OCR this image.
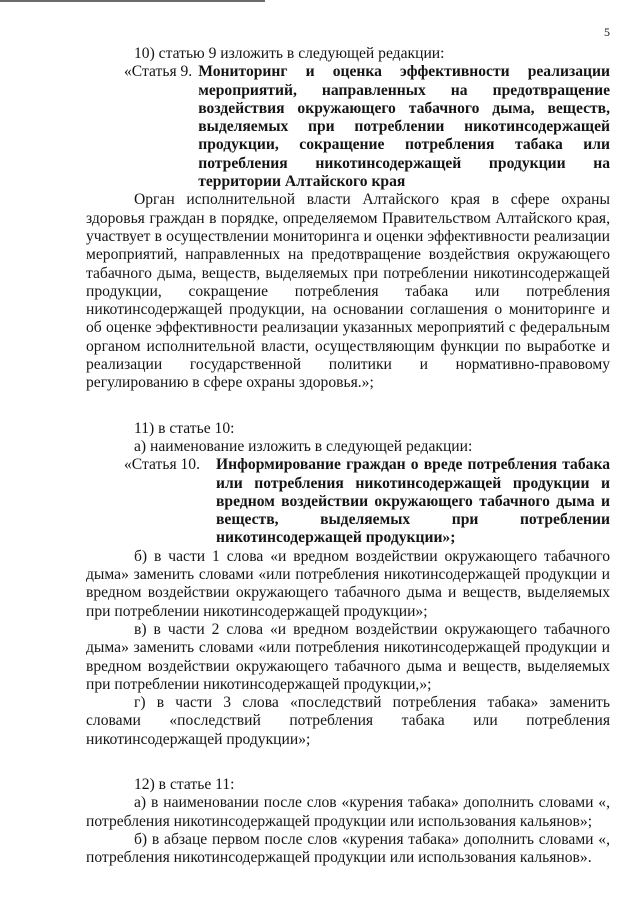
5

10) статью 9 изложить в следующей редакции:

«Статья 9. Мониторинг и оценка эффективности реализации мероприятий, направленных на предотвращение воздействия окружающего табачного дыма, веществ, выделяемых при потреблении никотинсодержащей продукции, сокращение потребления табака или потребления никотинсодержащей продукции на территории Алтайского края

Орган исполнительной власти Алтайского края в сфере охраны здоровья граждан в порядке, определяемом Правительством Алтайского края, участвует в осуществлении мониторинга и оценки эффективности реализации мероприятий, направленных на предотвращение воздействия окружающего табачного дыма, веществ, выделяемых при потреблении никотинсодержащей продукции, сокращение потребления табака или потребления никотинсодержащей продукции, на основании соглашения о мониторинге и об оценке эффективности реализации указанных мероприятий с федеральным органом исполнительной власти, осуществляющим функции по выработке и реализации государственной политики и нормативно-правовому регулированию в сфере охраны здоровья.»;

11) в статье 10:

а) наименование изложить в следующей редакции:

«Статья 10.	Информирование граждан о вреде потребления табака или потребления никотинсодержащей продукции и вредном воздействии окружающего табачного дыма и веществ, выделяемых при потреблении никотинсодержащей продукции»;

б) в части 1 слова «и вредном воздействии окружающего табачного дыма» заменить словами «или потребления никотинсодержащей продукции и вредном воздействии окружающего табачного дыма и веществ, выделяемых при потреблении никотинсодержащей продукции»;

в) в части 2 слова «и вредном воздействии окружающего табачного дыма» заменить словами «или потребления никотинсодержащей продукции и вредном воздействии окружающего табачного дыма и веществ, выделяемых при потреблении никотинсодержащей продукции,»;

г) в части 3 слова «последствий потребления табака» заменить словами «последствий потребления табака или потребления никотинсодержащей продукции»;

12) в статье 11:

а) в наименовании после слов «курения табака» дополнить словами «, потребления никотинсодержащей продукции или использования кальянов»;

б) в абзаце первом после слов «курения табака» дополнить словами «, потребления никотинсодержащей продукции или использования кальянов».
